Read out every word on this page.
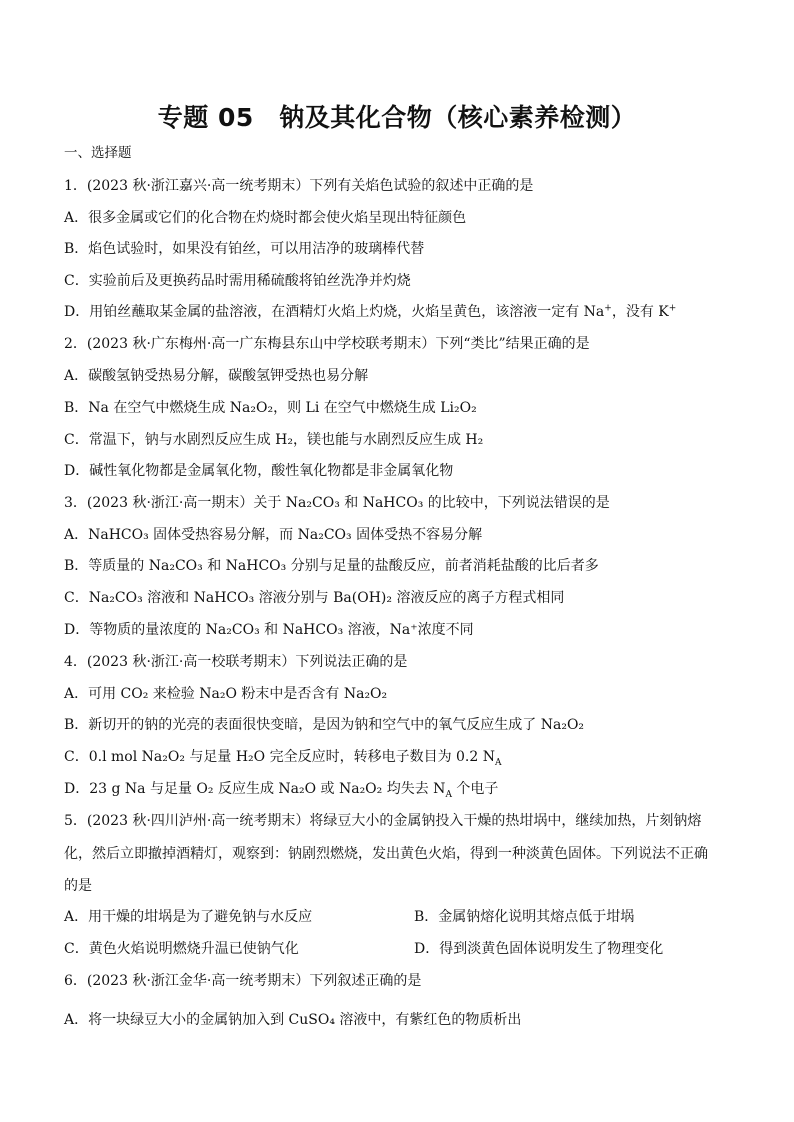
专题 05　钠及其化合物（核心素养检测）
一、选择题
1．(2023 秋·浙江嘉兴·高一统考期末）下列有关焰色试验的叙述中正确的是
A．很多金属或它们的化合物在灼烧时都会使火焰呈现出特征颜色
B．焰色试验时，如果没有铂丝，可以用洁净的玻璃棒代替
C．实验前后及更换药品时需用稀硫酸将铂丝洗净并灼烧
D．用铂丝蘸取某金属的盐溶液，在酒精灯火焰上灼烧，火焰呈黄色，该溶液一定有 Na+，没有 K+
2．(2023 秋·广东梅州·高一广东梅县东山中学校联考期末）下列“类比”结果正确的是
A．碳酸氢钠受热易分解，碳酸氢钾受热也易分解
B．Na 在空气中燃烧生成 Na₂O₂，则 Li 在空气中燃烧生成 Li₂O₂
C．常温下，钠与水剧烈反应生成 H₂，镁也能与水剧烈反应生成 H₂
D．碱性氧化物都是金属氧化物，酸性氧化物都是非金属氧化物
3．(2023 秋·浙江·高一期末）关于 Na₂CO₃ 和 NaHCO₃ 的比较中，下列说法错误的是
A．NaHCO₃ 固体受热容易分解，而 Na₂CO₃ 固体受热不容易分解
B．等质量的 Na₂CO₃ 和 NaHCO₃ 分别与足量的盐酸反应，前者消耗盐酸的比后者多
C．Na₂CO₃ 溶液和 NaHCO₃ 溶液分别与 Ba(OH)₂ 溶液反应的离子方程式相同
D．等物质的量浓度的 Na₂CO₃ 和 NaHCO₃ 溶液，Na⁺浓度不同
4．(2023 秋·浙江·高一校联考期末）下列说法正确的是
A．可用 CO₂ 来检验 Na₂O 粉末中是否含有 Na₂O₂
B．新切开的钠的光亮的表面很快变暗，是因为钠和空气中的氧气反应生成了 Na₂O₂
C．0.l mol Na₂O₂ 与足量 H₂O 完全反应时，转移电子数目为 0.2 $N_A$
D．23 g Na 与足量 O₂ 反应生成 Na₂O 或 Na₂O₂ 均失去 $N_A$ 个电子
5．(2023 秋·四川泸州·高一统考期末）将绿豆大小的金属钠投入干燥的热坩埚中，继续加热，片刻钠熔
化，然后立即撤掉酒精灯，观察到：钠剧烈燃烧，发出黄色火焰，得到一种淡黄色固体。下列说法不正确
的是
A．用干燥的坩埚是为了避免钠与水反应	B．金属钠熔化说明其熔点低于坩埚
C．黄色火焰说明燃烧升温已使钠气化	D．得到淡黄色固体说明发生了物理变化
6．(2023 秋·浙江金华·高一统考期末）下列叙述正确的是
A．将一块绿豆大小的金属钠加入到 CuSO₄ 溶液中，有紫红色的物质析出
